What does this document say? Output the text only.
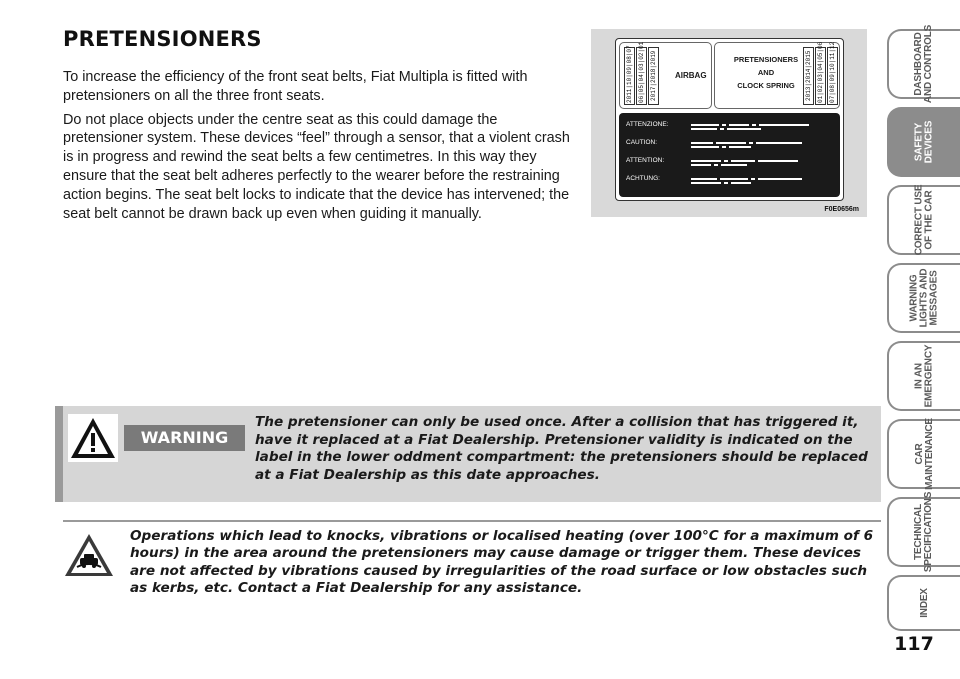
PRETENSIONERS

To increase the efficiency of the front seat belts, Fiat Multipla is fitted with pretensioners on all the three front seats.

Do not place objects under the centre seat as this could damage the pretensioner system. These devices “feel” through a sensor, that a violent crash is in progress and rewind the seat belts a few centimetres. In this way they ensure that the seat belt adheres perfectly to the wearer before the restraining action begins. The seat belt locks to indicate that the device has intervened; the seat belt cannot be drawn back up even when guiding it manually.	F0E0656m
2011|10|09|08|07 06|05|04|03|02|01 2017|2018|2019 AIRBAG
PRETENSIONERS
AND
CLOCK SPRING	2013|2014|2015 01|02|03|04|05|06 07|08|09|10|11|12
ATTENZIONE:
CAUTION:
ATTENTION:
ACHTUNG:
WARNING
The pretensioner can only be used once. After a collision that has triggered it, have it replaced at a Fiat Dealership. Pretensioner validity is indicated on the label in the lower oddment compartment: the pretensioners should be replaced at a Fiat Dealership as this date approaches.
Operations which lead to knocks, vibrations or localised heating (over 100°C for a maximum of 6 hours) in the area around the pretensioners may cause damage or trigger them. These devices are not affected by vibrations caused by irregularities of the road surface or low obstacles such as kerbs, etc. Contact a Fiat Dealership for any assistance.
DASHBOARD
AND CONTROLS
SAFETY
DEVICES
CORRECT USE
OF THE CAR
WARNING
LIGHTS AND
MESSAGES
IN AN
EMERGENCY
CAR
MAINTENANCE
TECHNICAL
SPECIFICATIONS
INDEX
117
